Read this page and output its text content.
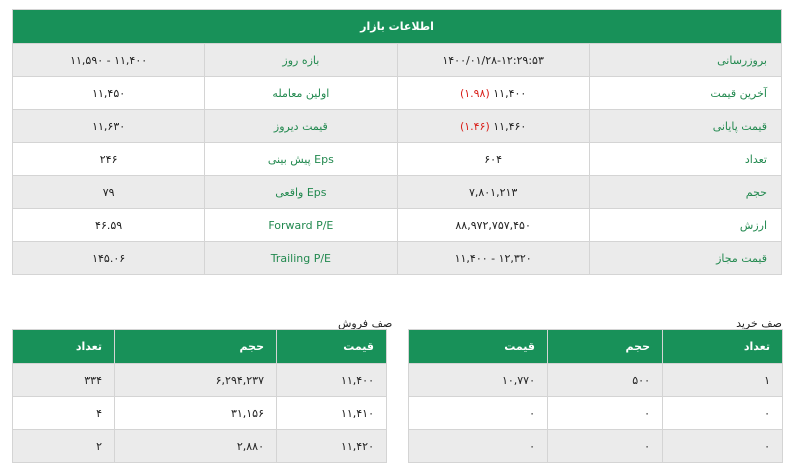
اطلاعات بازار			
بروزرسانی	۱۴۰۰/۰۱/۲۸-۱۲:۲۹:۵۳	بازه روز	۱۱,۴۰۰ - ۱۱,۵۹۰
آخرین قیمت	۱۱,۴۰۰ (۱.۹۸)	اولین معامله	۱۱,۴۵۰
قیمت پایانی	۱۱,۴۶۰ (۱.۴۶)	قیمت دیروز	۱۱,۶۳۰
تعداد	۶۰۴	Eps پیش بینی	۲۴۶
حجم	۷,۸۰۱,۲۱۳	Eps واقعی	۷۹
ارزش	۸۸,۹۷۲,۷۵۷,۴۵۰	Forward P/E	۴۶.۵۹
قیمت مجاز	۱۲,۳۲۰ - ۱۱,۴۰۰	Trailing P/E	۱۴۵.۰۶
صف خرید
تعداد	حجم	قیمت
۱	۵۰۰	۱۰,۷۷۰
۰	۰	۰
۰	۰	۰
صف فروش
قیمت	حجم	تعداد
۱۱,۴۰۰	۶,۲۹۴,۲۳۷	۳۳۴
۱۱,۴۱۰	۳۱,۱۵۶	۴
۱۱,۴۲۰	۲,۸۸۰	۲
